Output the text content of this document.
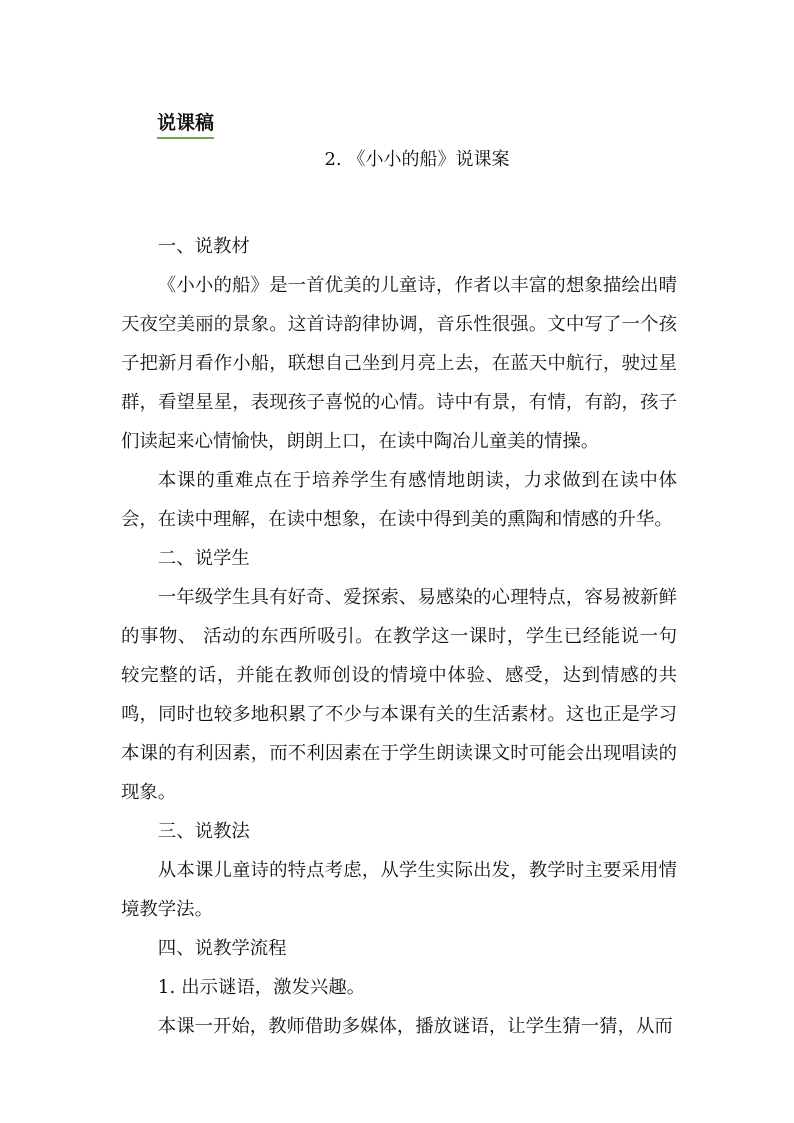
说课稿
2. 《小小的船》说课案
一、说教材

《小小的船》是一首优美的儿童诗，作者以丰富的想象描绘出晴天夜空美丽的景象。这首诗韵律协调，音乐性很强。文中写了一个孩子把新月看作小船，联想自己坐到月亮上去，在蓝天中航行，驶过星群，看望星星，表现孩子喜悦的心情。诗中有景，有情，有韵，孩子们读起来心情愉快，朗朗上口，在读中陶冶儿童美的情操。

本课的重难点在于培养学生有感情地朗读，力求做到在读中体会，在读中理解，在读中想象，在读中得到美的熏陶和情感的升华。

二、说学生

一年级学生具有好奇、爱探索、易感染的心理特点，容易被新鲜的事物、 活动的东西所吸引。在教学这一课时，学生已经能说一句较完整的话，并能在教师创设的情境中体验、感受，达到情感的共鸣，同时也较多地积累了不少与本课有关的生活素材。这也正是学习本课的有利因素，而不利因素在于学生朗读课文时可能会出现唱读的现象。

三、说教法

从本课儿童诗的特点考虑，从学生实际出发，教学时主要采用情境教学法。

四、说教学流程

1. 出示谜语，激发兴趣。

本课一开始，教师借助多媒体，播放谜语，让学生猜一猜，从而
